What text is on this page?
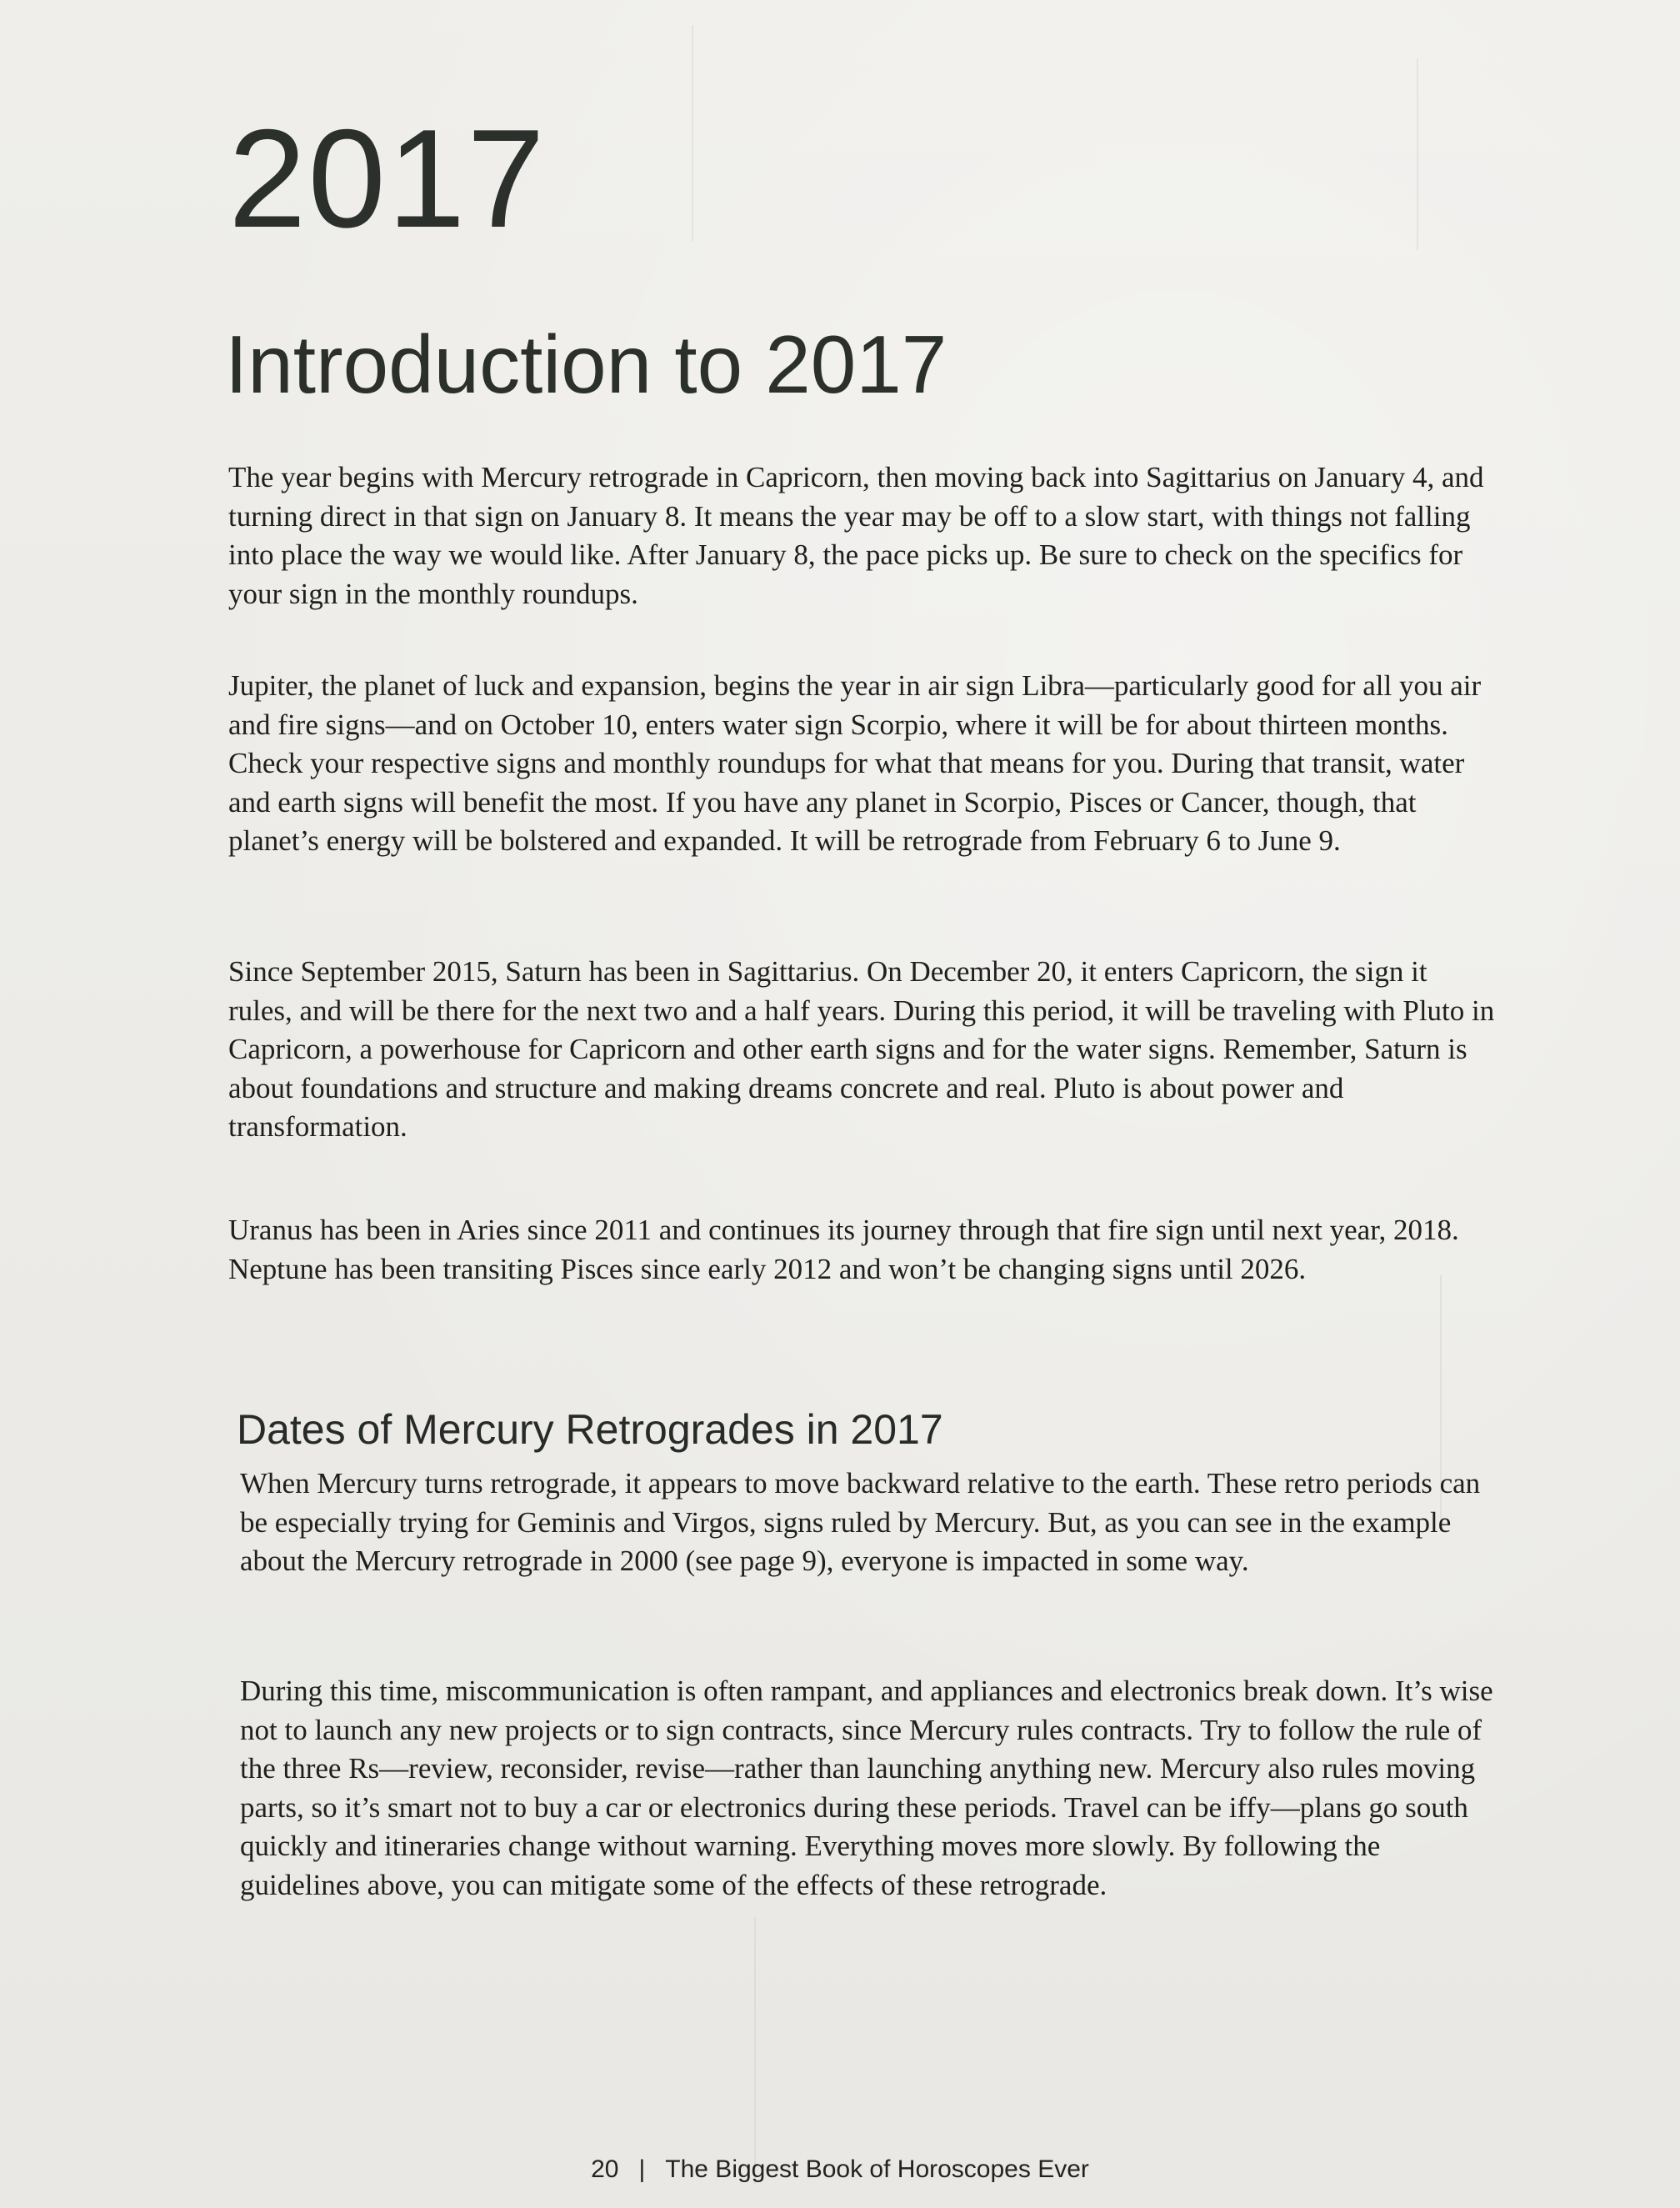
2017
Introduction to 2017

The year begins with Mercury retrograde in Capricorn, then moving back into Sagittarius on January 4, and turning direct in that sign on January 8. It means the year may be off to a slow start, with things not falling into place the way we would like. After January 8, the pace picks up. Be sure to check on the specifics for your sign in the monthly roundups.

Jupiter, the planet of luck and expansion, begins the year in air sign Libra—particularly good for all you air and fire signs—and on October 10, enters water sign Scorpio, where it will be for about thirteen months. Check your respective signs and monthly roundups for what that means for you. During that transit, water and earth signs will benefit the most. If you have any planet in Scorpio, Pisces or Cancer, though, that planet’s energy will be bolstered and expanded. It will be retrograde from February 6 to June 9.

Since September 2015, Saturn has been in Sagittarius. On December 20, it enters Capricorn, the sign it rules, and will be there for the next two and a half years. During this period, it will be traveling with Pluto in Capricorn, a powerhouse for Capricorn and other earth signs and for the water signs. Remember, Saturn is about foundations and structure and making dreams concrete and real. Pluto is about power and transformation.

Uranus has been in Aries since 2011 and continues its journey through that fire sign until next year, 2018. Neptune has been transiting Pisces since early 2012 and won’t be changing signs until 2026.

Dates of Mercury Retrogrades in 2017

When Mercury turns retrograde, it appears to move backward relative to the earth. These retro periods can be especially trying for Geminis and Virgos, signs ruled by Mercury. But, as you can see in the example about the Mercury retrograde in 2000 (see page 9), everyone is impacted in some way.

During this time, miscommunication is often rampant, and appliances and electronics break down. It’s wise not to launch any new projects or to sign contracts, since Mercury rules contracts. Try to follow the rule of the three Rs—review, reconsider, revise—rather than launching anything new. Mercury also rules moving parts, so it’s smart not to buy a car or electronics during these periods. Travel can be iffy—plans go south quickly and itineraries change without warning. Everything moves more slowly. By following the guidelines above, you can mitigate some of the effects of these retrograde.

20 | The Biggest Book of Horoscopes Ever
